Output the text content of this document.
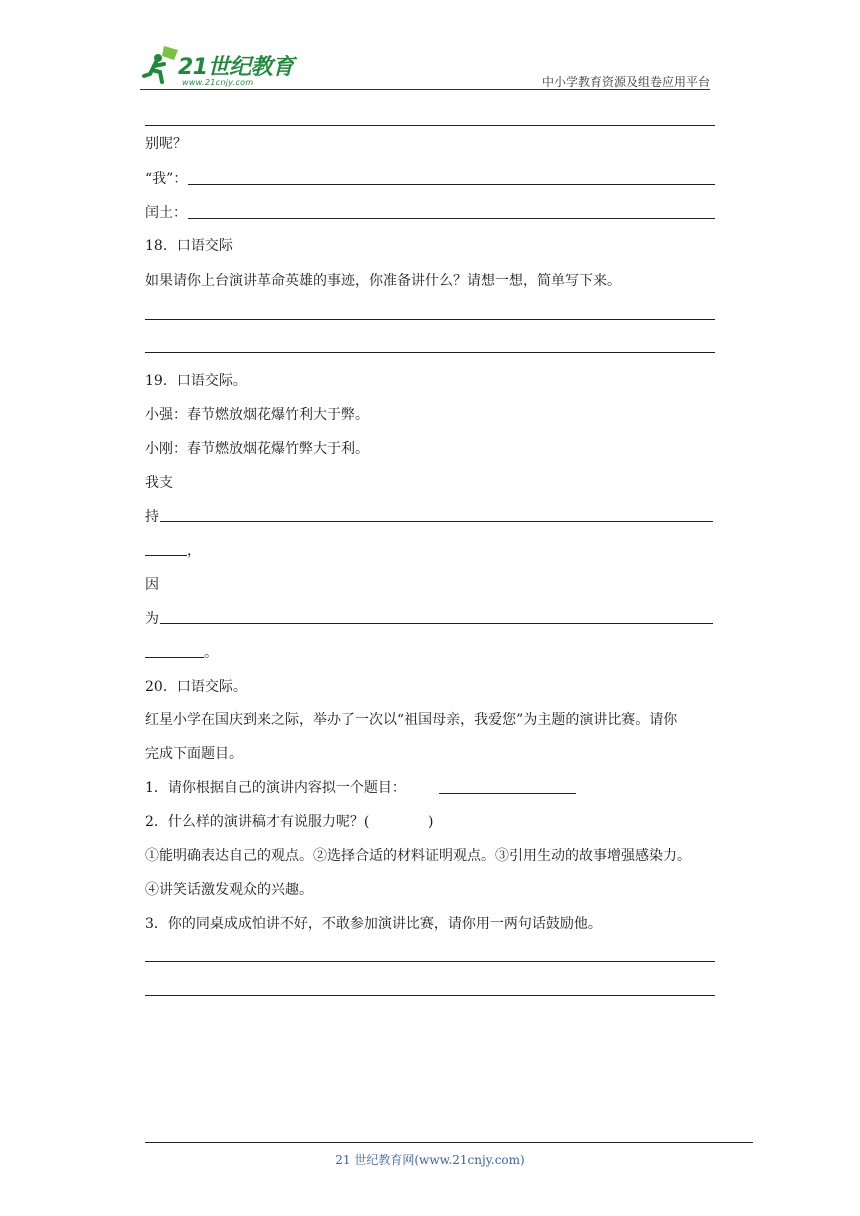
21世纪教育
www.21cnjy.com	中小学教育资源及组卷应用平台
别呢？
“我”：
闰土：
18．口语交际
如果请你上台演讲革命英雄的事迹，你准备讲什么？请想一想，简单写下来。
19．口语交际。
小强：春节燃放烟花爆竹利大于弊。
小刚：春节燃放烟花爆竹弊大于利。
我支
持
，
因
为
。
20．口语交际。
红星小学在国庆到来之际，举办了一次以“祖国母亲，我爱您”为主题的演讲比赛。请你
完成下面题目。
1．请你根据自己的演讲内容拟一个题目：
2．什么样的演讲稿才有说服力呢？(	)
①能明确表达自己的观点。②选择合适的材料证明观点。③引用生动的故事增强感染力。
④讲笑话激发观众的兴趣。
3．你的同桌成成怕讲不好，不敢参加演讲比赛，请你用一两句话鼓励他。
21 世纪教育网(www.21cnjy.com)
